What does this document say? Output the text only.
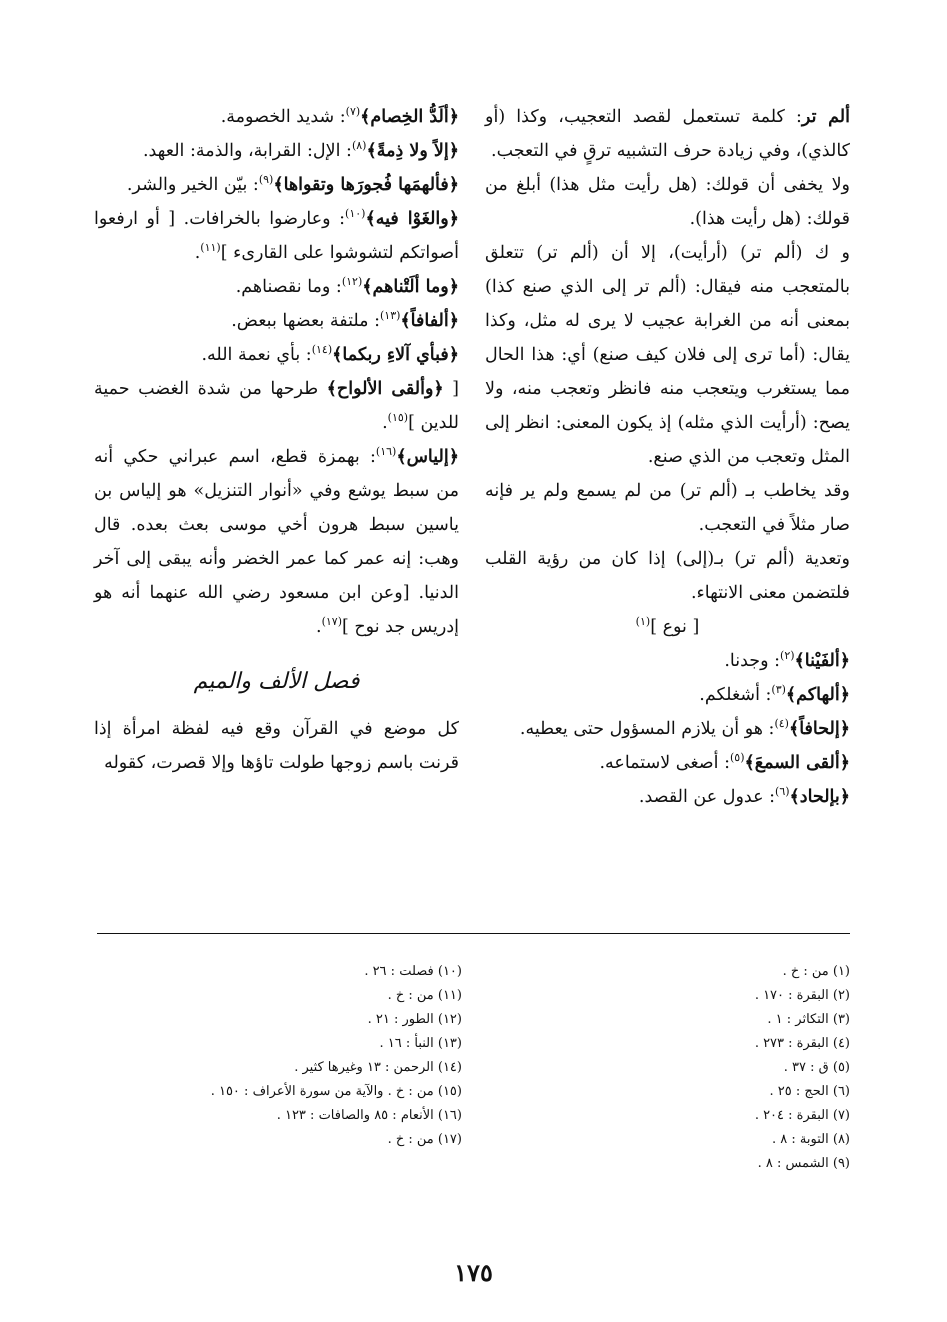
ألم تر: كلمة تستعمل لقصد التعجيب، وكذا (أو كالذي)، وفي زيادة حرف التشبيه ترقٍ في التعجب.

ولا يخفى أن قولك: (هل رأيت مثل هذا) أبلغ من قولك: (هل رأيت هذا).

و ك (ألم تر) (أرأيت)، إلا أن (ألم تر) تتعلق بالمتعجب منه فيقال: (ألم تر إلى الذي صنع كذا) بمعنى أنه من الغرابة عجيب لا يرى له مثل، وكذا يقال: (أما ترى إلى فلان كيف صنع) أي: هذا الحال مما يستغرب ويتعجب منه فانظر وتعجب منه، ولا يصح: (أرأيت الذي مثله) إذ يكون المعنى: انظر إلى المثل وتعجب من الذي صنع.

وقد يخاطب بـ (ألم تر) من لم يسمع ولم ير فإنه صار مثلاً في التعجب.

وتعدية (ألم تر) بـ(إلى) إذا كان من رؤية القلب فلتضمن معنى الانتهاء.

[ نوع ]$^{(١)}$

﴿ألفَيْنا﴾$^{(٢)}$: وجدنا.

﴿ألهاكم﴾$^{(٣)}$: أشغلكم.

﴿إلحافاً﴾$^{(٤)}$: هو أن يلازم المسؤول حتى يعطيه.

﴿ألقى السمعَ﴾$^{(٥)}$: أصغى لاستماعه.

﴿بإلحاد﴾$^{(٦)}$: عدول عن القصد.

﴿ألَدُّ الخِصام﴾$^{(٧)}$: شديد الخصومة.

﴿إلاً ولا ذِمةً﴾$^{(٨)}$: الإل: القرابة، والذمة: العهد.

﴿فألهمَها فُجورَها وتقواها﴾$^{(٩)}$: بيّن الخير والشر.

﴿والغَوْا فيه﴾$^{(١٠)}$: وعارضوا بالخرافات. [ أو ارفعوا أصواتكم لتشوشوا على القارىء ]$^{(١١)}$.

﴿وما ألَتْناهم﴾$^{(١٢)}$: وما نقصناهم.

﴿ألفافاً﴾$^{(١٣)}$: ملتفة بعضها ببعض.

﴿فبأي آلاءِ ربكما﴾$^{(١٤)}$: بأي نعمة الله.

[ ﴿وألقى الألواح﴾ طرحها من شدة الغضب حمية للدين ]$^{(١٥)}$.

﴿إلياس﴾$^{(١٦)}$: بهمزة قطع، اسم عبراني حكي أنه من سبط يوشع وفي «أنوار التنزيل» هو إلياس بن ياسين سبط هرون أخي موسى بعث بعده. قال وهب: إنه عمر كما عمر الخضر وأنه يبقى إلى آخر الدنيا. [وعن ابن مسعود رضي الله عنهما أنه هو إدريس جد نوح ]$^{(١٧)}$.

فصل الألف والميم

كل موضع في القرآن وقع فيه لفظة امرأة إذا قرنت باسم زوجها طولت تاؤها وإلا قصرت، كقوله

(١) من : خ .
(٢) البقرة : ١٧٠ .
(٣) التكاثر : ١ .
(٤) البقرة : ٢٧٣ .
(٥) ق : ٣٧ .
(٦) الحج : ٢٥ .
(٧) البقرة : ٢٠٤ .
(٨) التوبة : ٨ .
(٩) الشمس : ٨ .
(١٠) فصلت : ٢٦ .
(١١) من : خ .
(١٢) الطور : ٢١ .
(١٣) النبأ : ١٦ .
(١٤) الرحمن : ١٣ وغيرها كثير .
(١٥) من : خ . والآية من سورة الأعراف : ١٥٠ .
(١٦) الأنعام : ٨٥ والصافات : ١٢٣ .
(١٧) من : خ .
١٧٥
